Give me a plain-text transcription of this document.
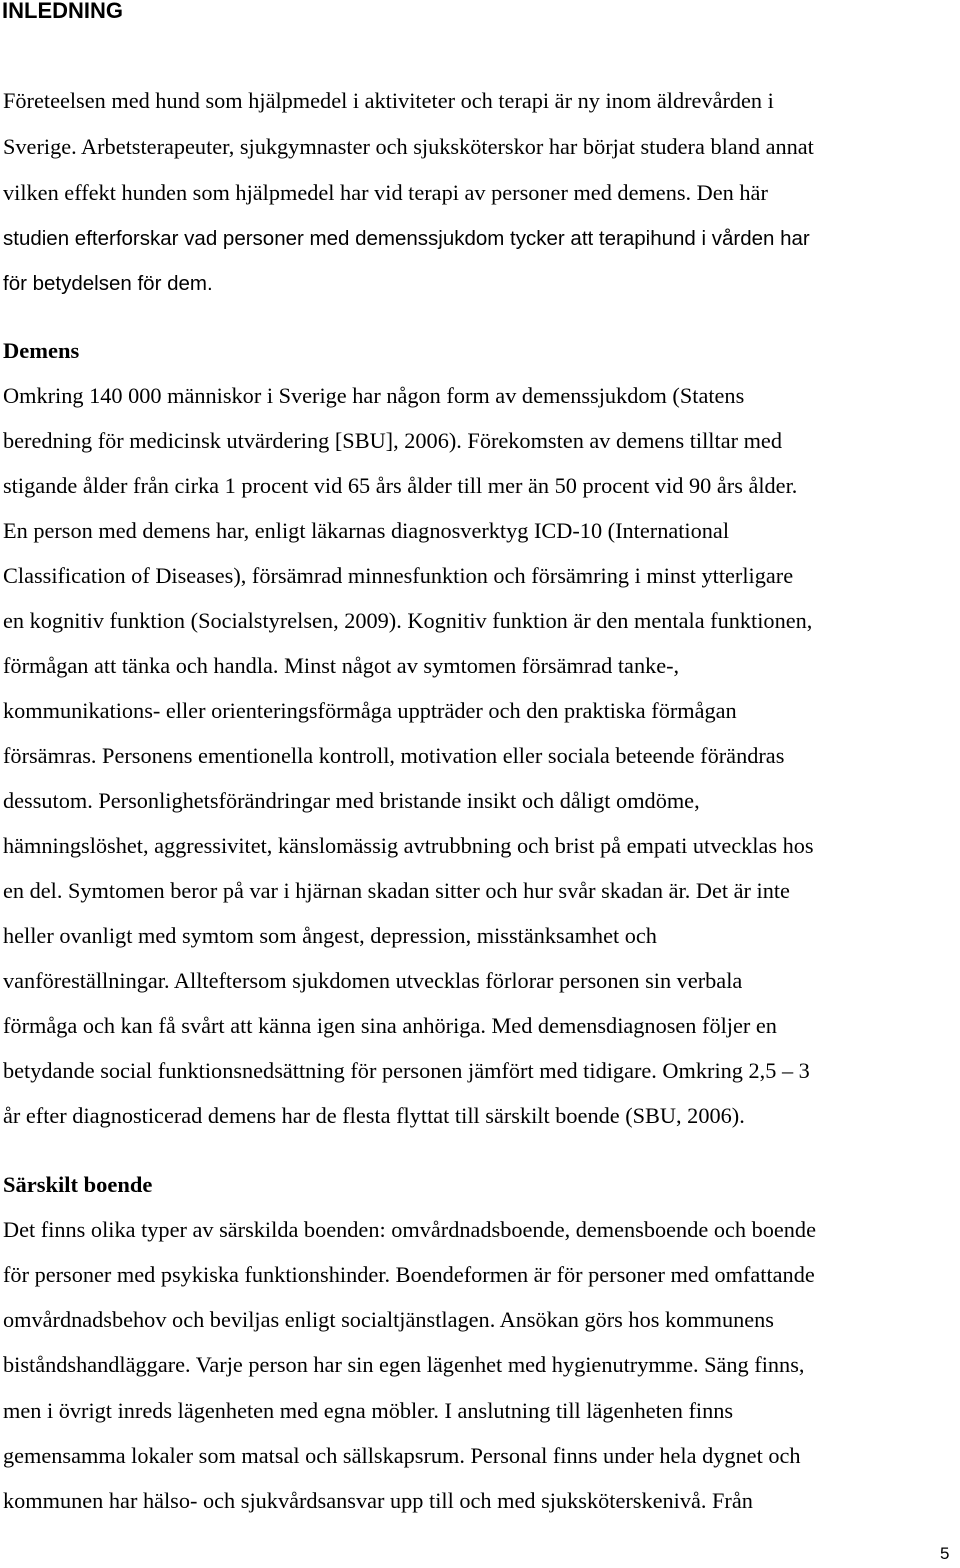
INLEDNING
Företeelsen med hund som hjälpmedel i aktiviteter och terapi är ny inom äldrevården i
Sverige. Arbetsterapeuter, sjukgymnaster och sjuksköterskor har börjat studera bland annat
vilken effekt hunden som hjälpmedel har vid terapi av personer med demens. Den här
studien efterforskar vad personer med demenssjukdom tycker att terapihund i vården har
för betydelsen för dem.
Demens
Omkring 140 000 människor i Sverige har någon form av demenssjukdom (Statens
beredning för medicinsk utvärdering [SBU], 2006). Förekomsten av demens tilltar med
stigande ålder från cirka 1 procent vid 65 års ålder till mer än 50 procent vid 90 års ålder.
En person med demens har, enligt läkarnas diagnosverktyg ICD-10 (International
Classification of Diseases), försämrad minnesfunktion och försämring i minst ytterligare
en kognitiv funktion (Socialstyrelsen, 2009). Kognitiv funktion är den mentala funktionen,
förmågan att tänka och handla. Minst något av symtomen försämrad tanke-,
kommunikations- eller orienteringsförmåga uppträder och den praktiska förmågan
försämras. Personens ementionella kontroll, motivation eller sociala beteende förändras
dessutom. Personlighetsförändringar med bristande insikt och dåligt omdöme,
hämningslöshet, aggressivitet, känslomässig avtrubbning och brist på empati utvecklas hos
en del. Symtomen beror på var i hjärnan skadan sitter och hur svår skadan är. Det är inte
heller ovanligt med symtom som ångest, depression, misstänksamhet och
vanföreställningar. Allteftersom sjukdomen utvecklas förlorar personen sin verbala
förmåga och kan få svårt att känna igen sina anhöriga. Med demensdiagnosen följer en
betydande social funktionsnedsättning för personen jämfört med tidigare. Omkring 2,5 – 3
år efter diagnosticerad demens har de flesta flyttat till särskilt boende (SBU, 2006).
Särskilt boende
Det finns olika typer av särskilda boenden: omvårdnadsboende, demensboende och boende
för personer med psykiska funktionshinder. Boendeformen är för personer med omfattande
omvårdnadsbehov och beviljas enligt socialtjänstlagen. Ansökan görs hos kommunens
biståndshandläggare. Varje person har sin egen lägenhet med hygienutrymme. Säng finns,
men i övrigt inreds lägenheten med egna möbler. I anslutning till lägenheten finns
gemensamma lokaler som matsal och sällskapsrum. Personal finns under hela dygnet och
kommunen har hälso- och sjukvårdsansvar upp till och med sjuksköterskenivå. Från
5
